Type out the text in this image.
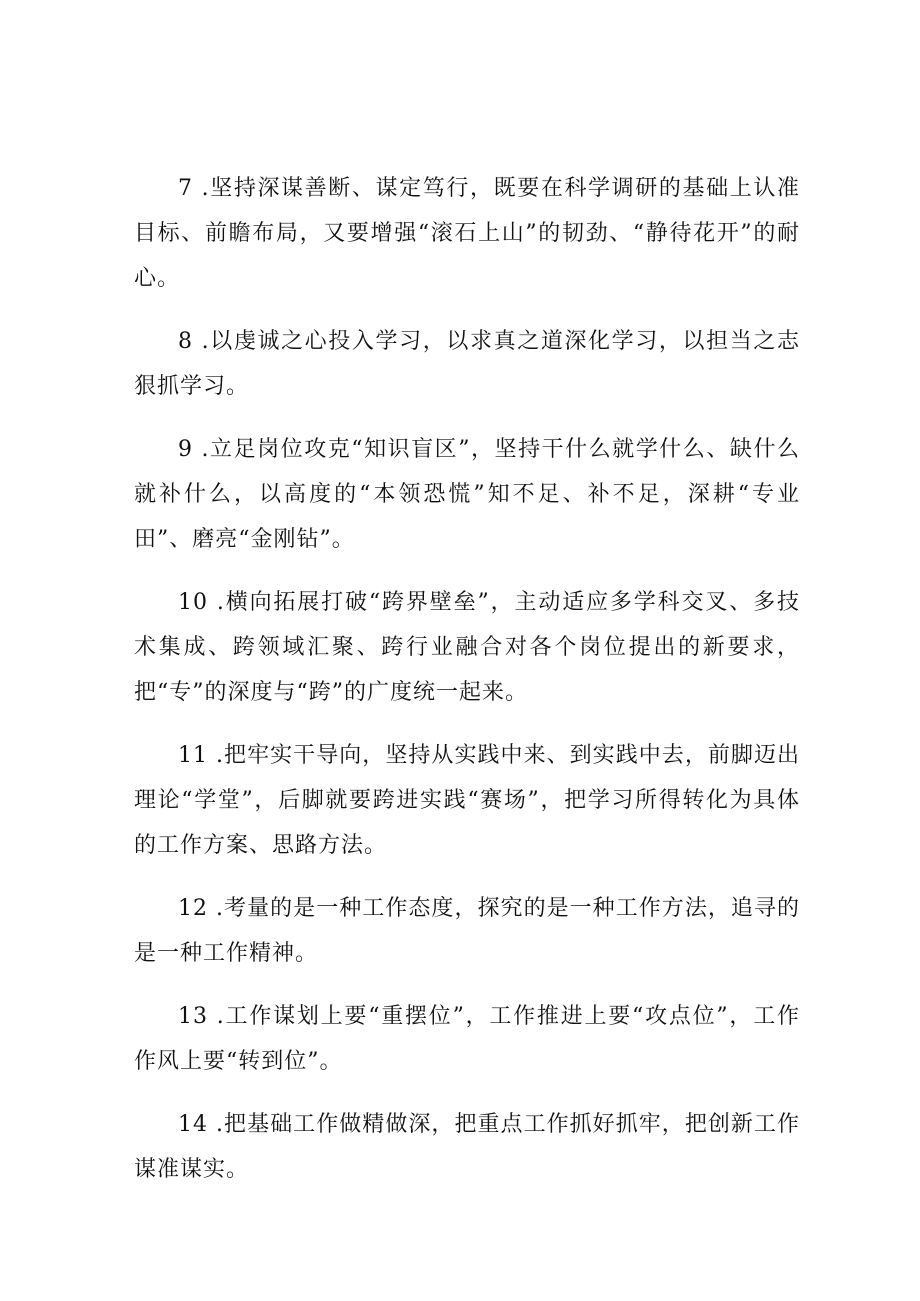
7 .坚持深谋善断、谋定笃行，既要在科学调研的基础上认准目标、前瞻布局，又要增强“滚石上山”的韧劲、“静待花开”的耐心。

8 .以虔诚之心投入学习，以求真之道深化学习，以担当之志狠抓学习。

9 .立足岗位攻克“知识盲区”，坚持干什么就学什么、缺什么就补什么，以高度的“本领恐慌”知不足、补不足，深耕“专业田”、磨亮“金刚钻”。

10 .横向拓展打破“跨界壁垒”，主动适应多学科交叉、多技术集成、跨领域汇聚、跨行业融合对各个岗位提出的新要求，把“专”的深度与“跨”的广度统一起来。

11 .把牢实干导向，坚持从实践中来、到实践中去，前脚迈出理论“学堂”，后脚就要跨进实践“赛场”，把学习所得转化为具体的工作方案、思路方法。

12 .考量的是一种工作态度，探究的是一种工作方法，追寻的是一种工作精神。

13 .工作谋划上要“重摆位”，工作推进上要“攻点位”，工作作风上要“转到位”。

14 .把基础工作做精做深，把重点工作抓好抓牢，把创新工作谋准谋实。
